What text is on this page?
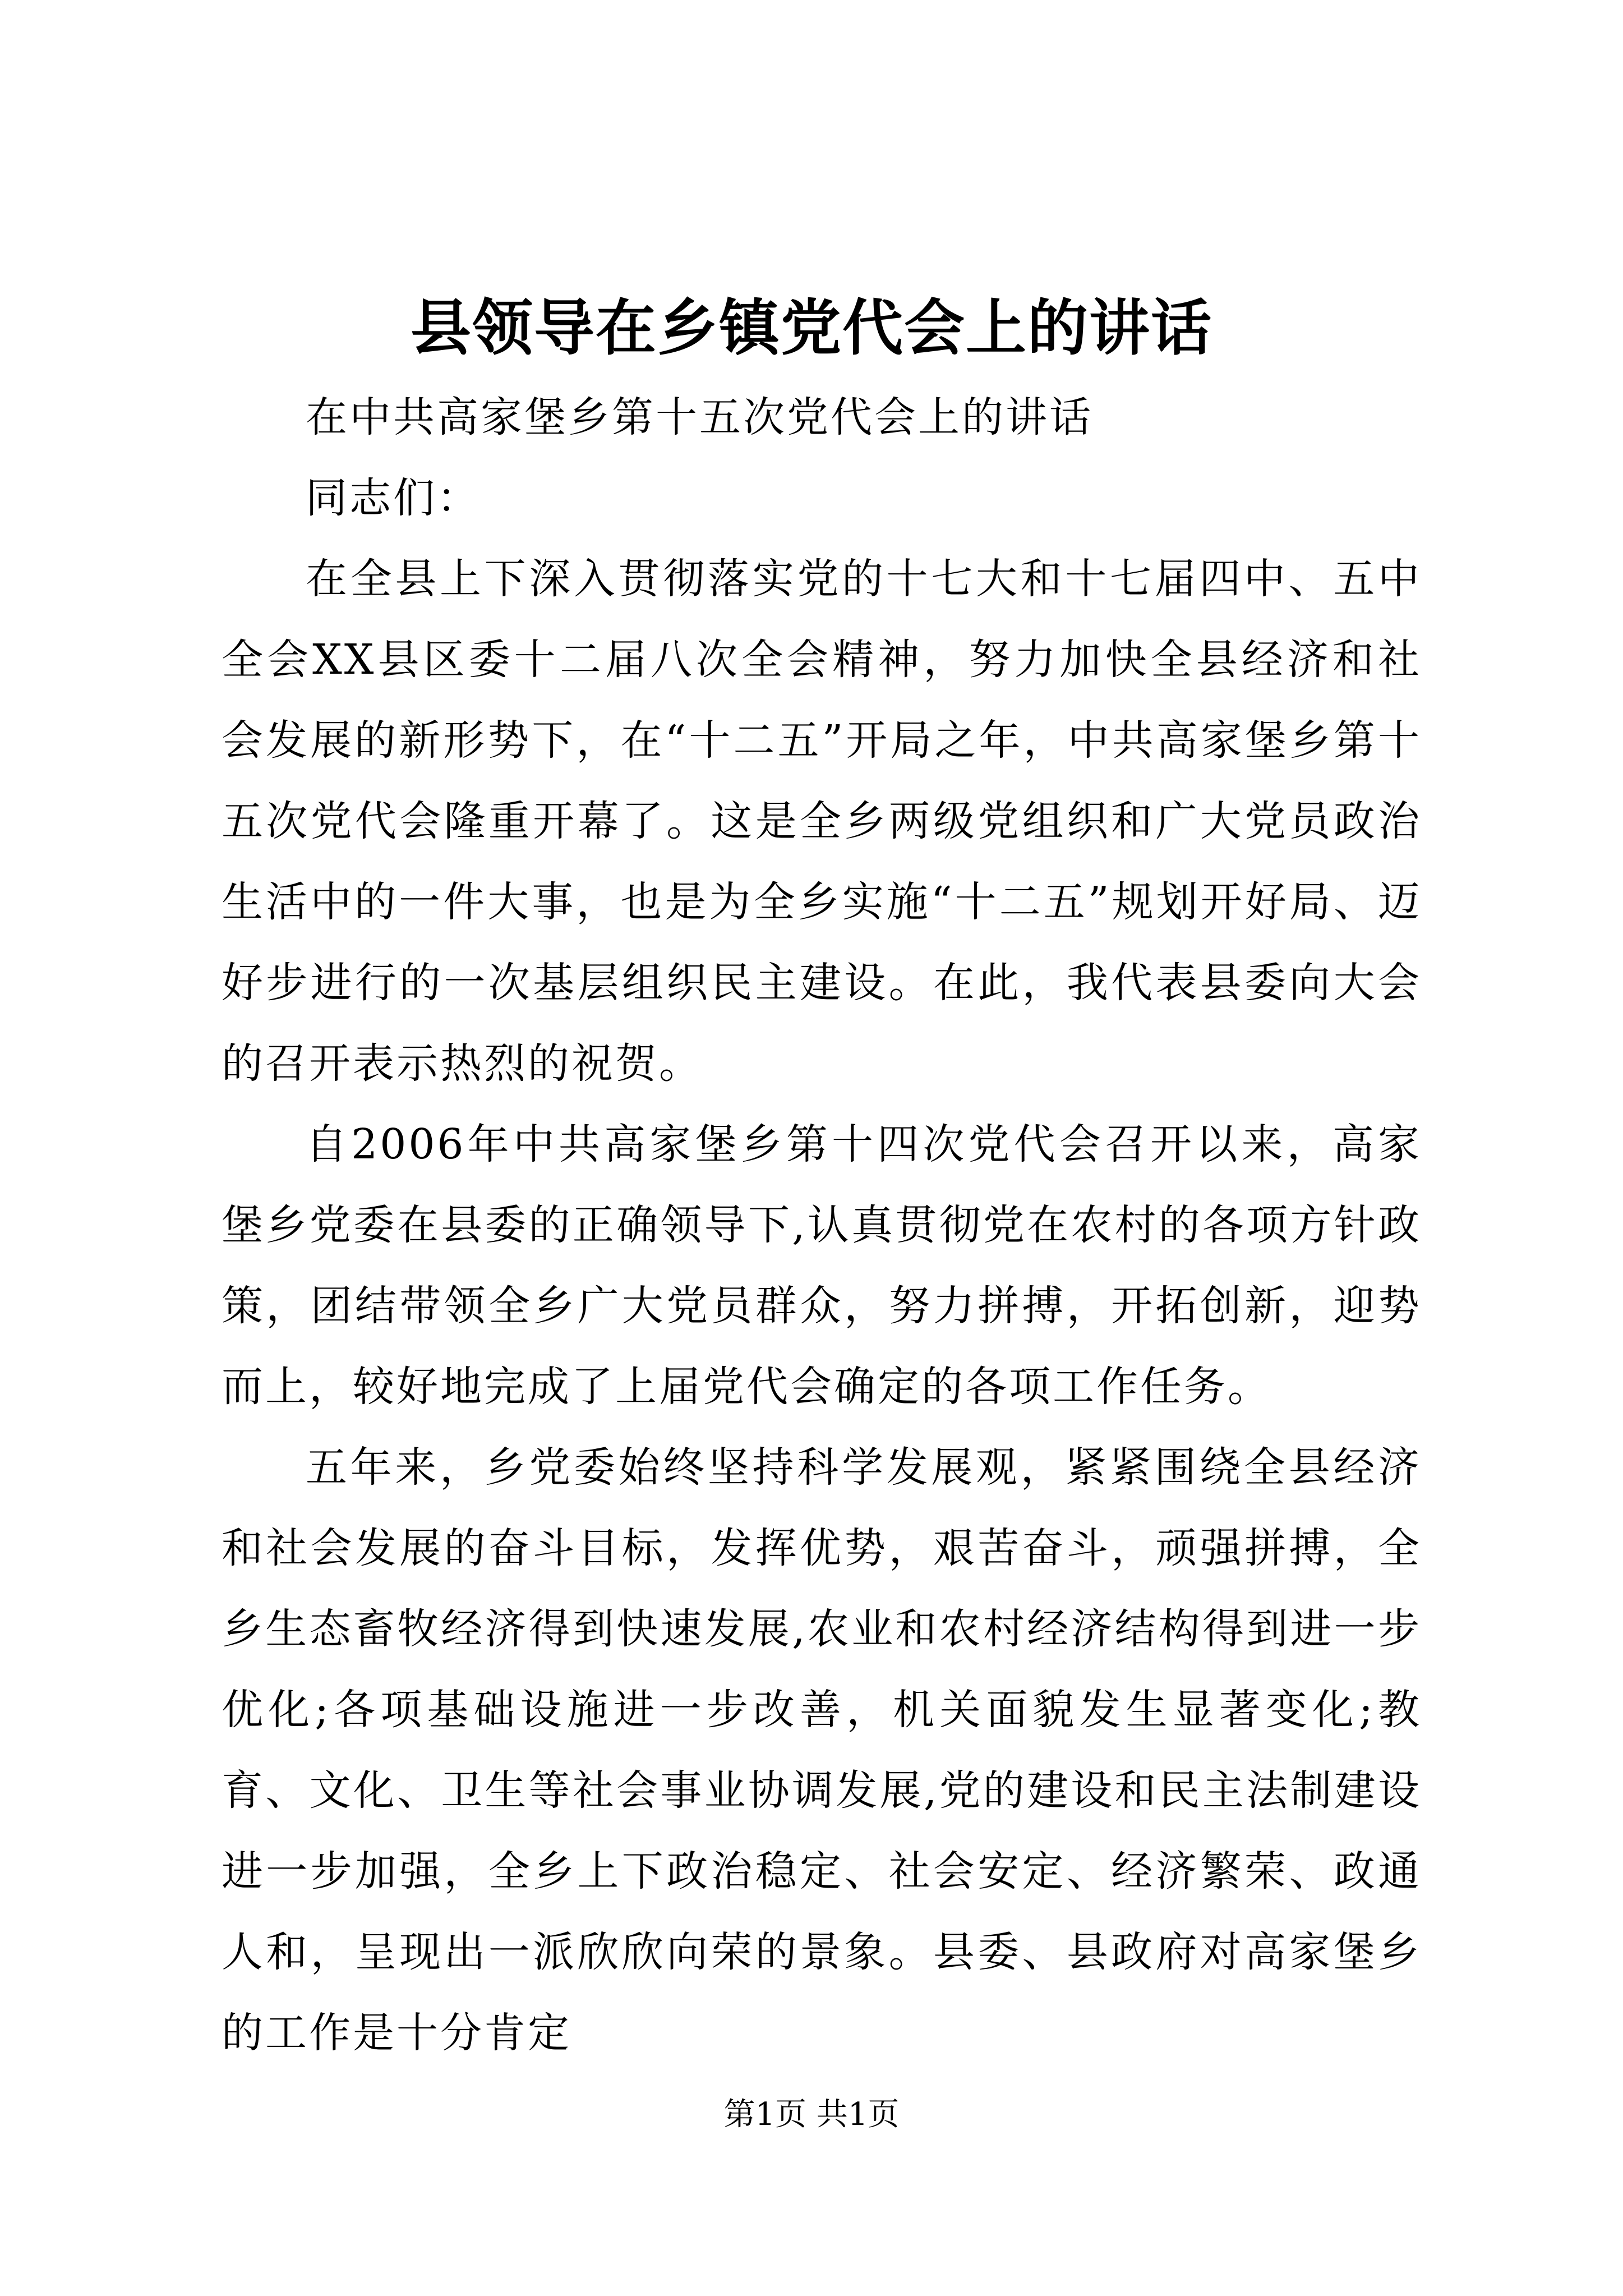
县领导在乡镇党代会上的讲话

在中共高家堡乡第十五次党代会上的讲话

同志们：

在全县上下深入贯彻落实党的十七大和十七届四中、五中全会XX县区委十二届八次全会精神，努力加快全县经济和社会发展的新形势下，在“十二五”开局之年，中共高家堡乡第十五次党代会隆重开幕了。这是全乡两级党组织和广大党员政治生活中的一件大事，也是为全乡实施“十二五”规划开好局、迈好步进行的一次基层组织民主建设。在此，我代表县委向大会的召开表示热烈的祝贺。

自2006年中共高家堡乡第十四次党代会召开以来，高家堡乡党委在县委的正确领导下,认真贯彻党在农村的各项方针政策，团结带领全乡广大党员群众，努力拼搏，开拓创新，迎势而上，较好地完成了上届党代会确定的各项工作任务。

五年来，乡党委始终坚持科学发展观，紧紧围绕全县经济和社会发展的奋斗目标，发挥优势，艰苦奋斗，顽强拼搏，全乡生态畜牧经济得到快速发展,农业和农村经济结构得到进一步优化;各项基础设施进一步改善，机关面貌发生显著变化;教育、文化、卫生等社会事业协调发展,党的建设和民主法制建设进一步加强，全乡上下政治稳定、社会安定、经济繁荣、政通人和，呈现出一派欣欣向荣的景象。县委、县政府对高家堡乡的工作是十分肯定

第1页 共1页
